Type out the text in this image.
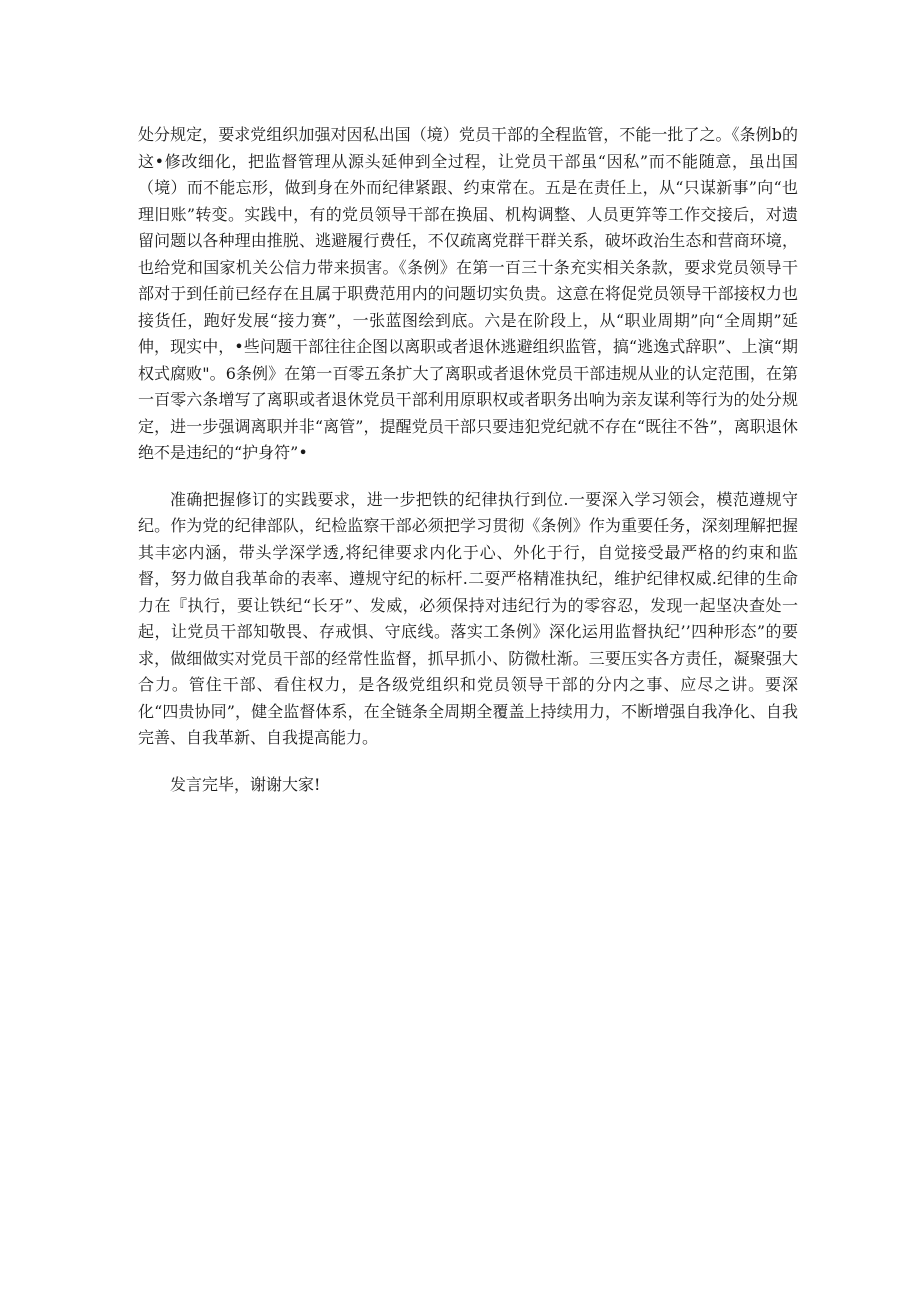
处分规定，要求党组织加强对因私出国（境）党员干部的全程监管，不能一批了之。《条例b的这•修改细化，把监督管理从源头延伸到全过程，让党员干部虽“因私”而不能随意，虽出国（境）而不能忘形，做到身在外而纪律紧跟、约束常在。五是在责任上，从“只谋新事”向“也理旧账”转变。实践中，有的党员领导干部在换届、机构调整、人员更笄等工作交接后，对遗留问题以各种理由推脱、逃避履行费任，不仅疏离党群干群关系，破坏政治生态和营商环境，也给党和国家机关公信力带来损害。《条例》在第一百三十条充实相关条款，要求党员领导干部对于到任前已经存在且属于职费范用内的问题切实负贵。这意在将促党员领导干部接权力也接货任，跑好发展“接力赛”，一张蓝图绘到底。六是在阶段上，从“职业周期”向“全周期”延伸，现实中，•些问题干部往往企图以离职或者退休逃避组织监管，搞“逃逸式辞职”、上演“期权式腐败"。6条例》在第一百零五条扩大了离职或者退休党员干部违规从业的认定范围，在第一百零六条增写了离职或者退休党员干部利用原职权或者职务出响为亲友谋利等行为的处分规定，进一步强调离职并非“离管”，提醒党员干部只要违犯党纪就不存在“既往不咎”，离职退休绝不是违纪的“护身符”•

准确把握修订的实践要求，进一步把铁的纪律执行到位.一要深入学习领会，模范遵规守纪。作为党的纪律部队，纪检监察干部必须把学习贯彻《条例》作为重要任务，深刻理解把握其丰宓内涵，带头学深学透,将纪律要求内化于心、外化于行，自觉接受最严格的约束和监督，努力做自我革命的表率、遵规守纪的标杆.二耍严格精准执纪，维护纪律权威.纪律的生命力在『执行，要让铁纪“长牙”、发威，必须保持对违纪行为的零容忍，发现一起坚决查处一起，让党员干部知敬畏、存戒惧、守底线。落实工条例》深化运用监督执纪’’四种形态”的要求，做细做实对党员干部的经常性监督，抓早抓小、防微杜渐。三要压实各方责任，凝聚强大合力。管住干部、看住权力，是各级党组织和党员领导干部的分内之事、应尽之讲。要深化“四贵协同”，健全监督体系，在全链条全周期全覆盖上持续用力，不断增强自我净化、自我完善、自我革新、自我提高能力。

发言完毕，谢谢大家!
